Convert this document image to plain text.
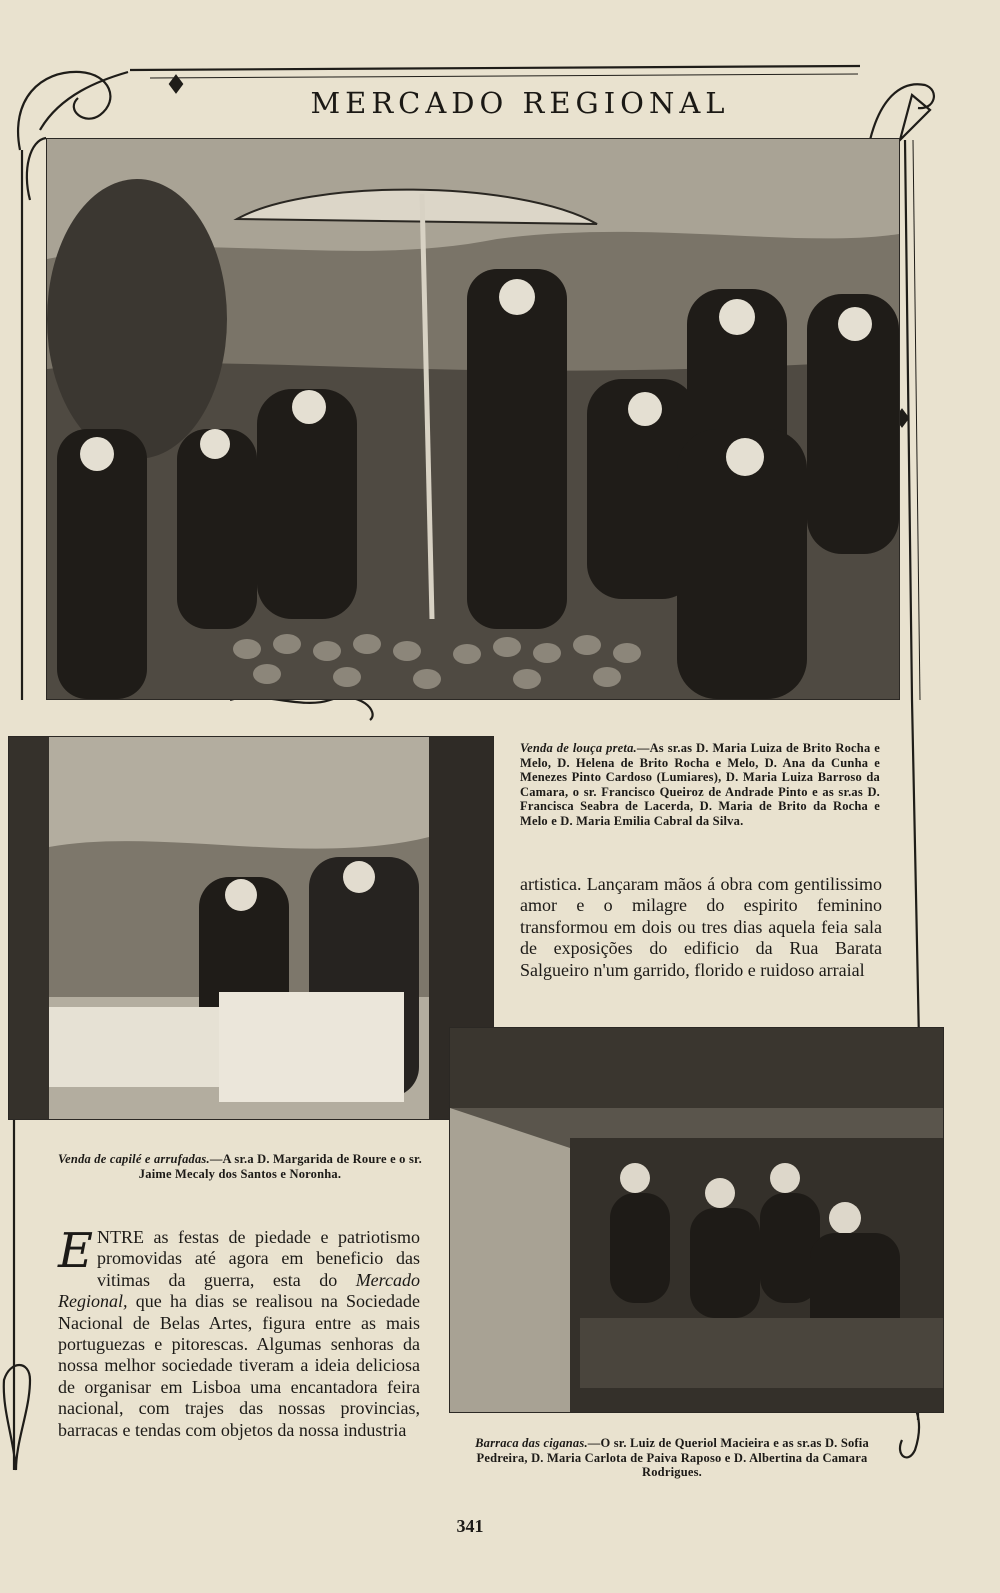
MERCADO REGIONAL
Venda de louça preta.—As sr.as D. Maria Luiza de Brito Rocha e Melo, D. Helena de Brito Rocha e Melo, D. Ana da Cunha e Menezes Pinto Cardoso (Lumiares), D. Maria Luiza Barroso da Camara, o sr. Francisco Queiroz de Andrade Pinto e as sr.as D. Francisca Seabra de Lacerda, D. Maria de Brito da Rocha e Melo e D. Maria Emilia Cabral da Silva.
Venda de capilé e arrufadas.—A sr.a D. Margarida de Roure e o sr. Jaime Mecaly dos Santos e Noronha.
Barraca das ciganas.—O sr. Luiz de Queriol Macieira e as sr.as D. Sofia Pedreira, D. Maria Carlota de Paiva Raposo e D. Albertina da Camara Rodrigues.
artistica. Lançaram mãos á obra com gentilissimo amor e o milagre do espirito feminino transformou em dois ou tres dias aquela feia sala de exposições do edificio da Rua Barata Salgueiro n'um garrido, florido e ruidoso arraial
ENTRE as festas de piedade e patriotismo promovidas até agora em beneficio das vitimas da guerra, esta do Mercado Regional, que ha dias se realisou na Sociedade Nacional de Belas Artes, figura entre as mais portuguezas e pitorescas. Algumas senhoras da nossa melhor sociedade tiveram a ideia deliciosa de organisar em Lisboa uma encantadora feira nacional, com trajes das nossas provincias, barracas e tendas com objetos da nossa industria
341
